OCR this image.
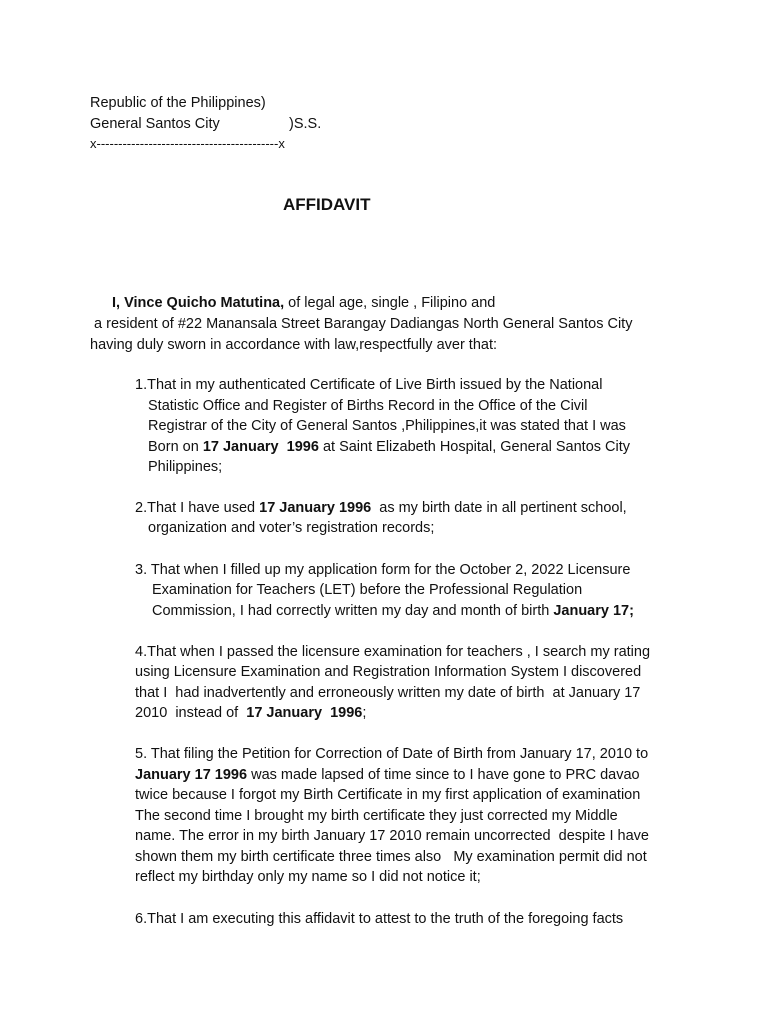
Republic of the Philippines)
General Santos City	)S.S.
x------------------------------------------x
AFFIDAVIT
I, Vince Quicho Matutina, of legal age, single , Filipino and
a resident of #22 Manansala Street Barangay Dadiangas North General Santos City
having duly sworn in accordance with law,respectfully aver that:
1.That in my authenticated Certificate of Live Birth issued by the National
Statistic Office and Register of Births Record in the Office of the Civil
Registrar of the City of General Santos ,Philippines,it was stated that I was
Born on 17 January  1996 at Saint Elizabeth Hospital, General Santos City
Philippines;
2.That I have used 17 January 1996  as my birth date in all pertinent school,
organization and voter’s registration records;
3. That when I filled up my application form for the October 2, 2022 Licensure
Examination for Teachers (LET) before the Professional Regulation
Commission, I had correctly written my day and month of birth January 17;
4.That when I passed the licensure examination for teachers , I search my rating
using Licensure Examination and Registration Information System I discovered
that I  had inadvertently and erroneously written my date of birth  at January 17
2010  instead of  17 January  1996;
5. That filing the Petition for Correction of Date of Birth from January 17, 2010 to
January 17 1996 was made lapsed of time since to I have gone to PRC davao
twice because I forgot my Birth Certificate in my first application of examination
The second time I brought my birth certificate they just corrected my Middle
name. The error in my birth January 17 2010 remain uncorrected  despite I have
shown them my birth certificate three times also   My examination permit did not
reflect my birthday only my name so I did not notice it;
6.That I am executing this affidavit to attest to the truth of the foregoing facts
